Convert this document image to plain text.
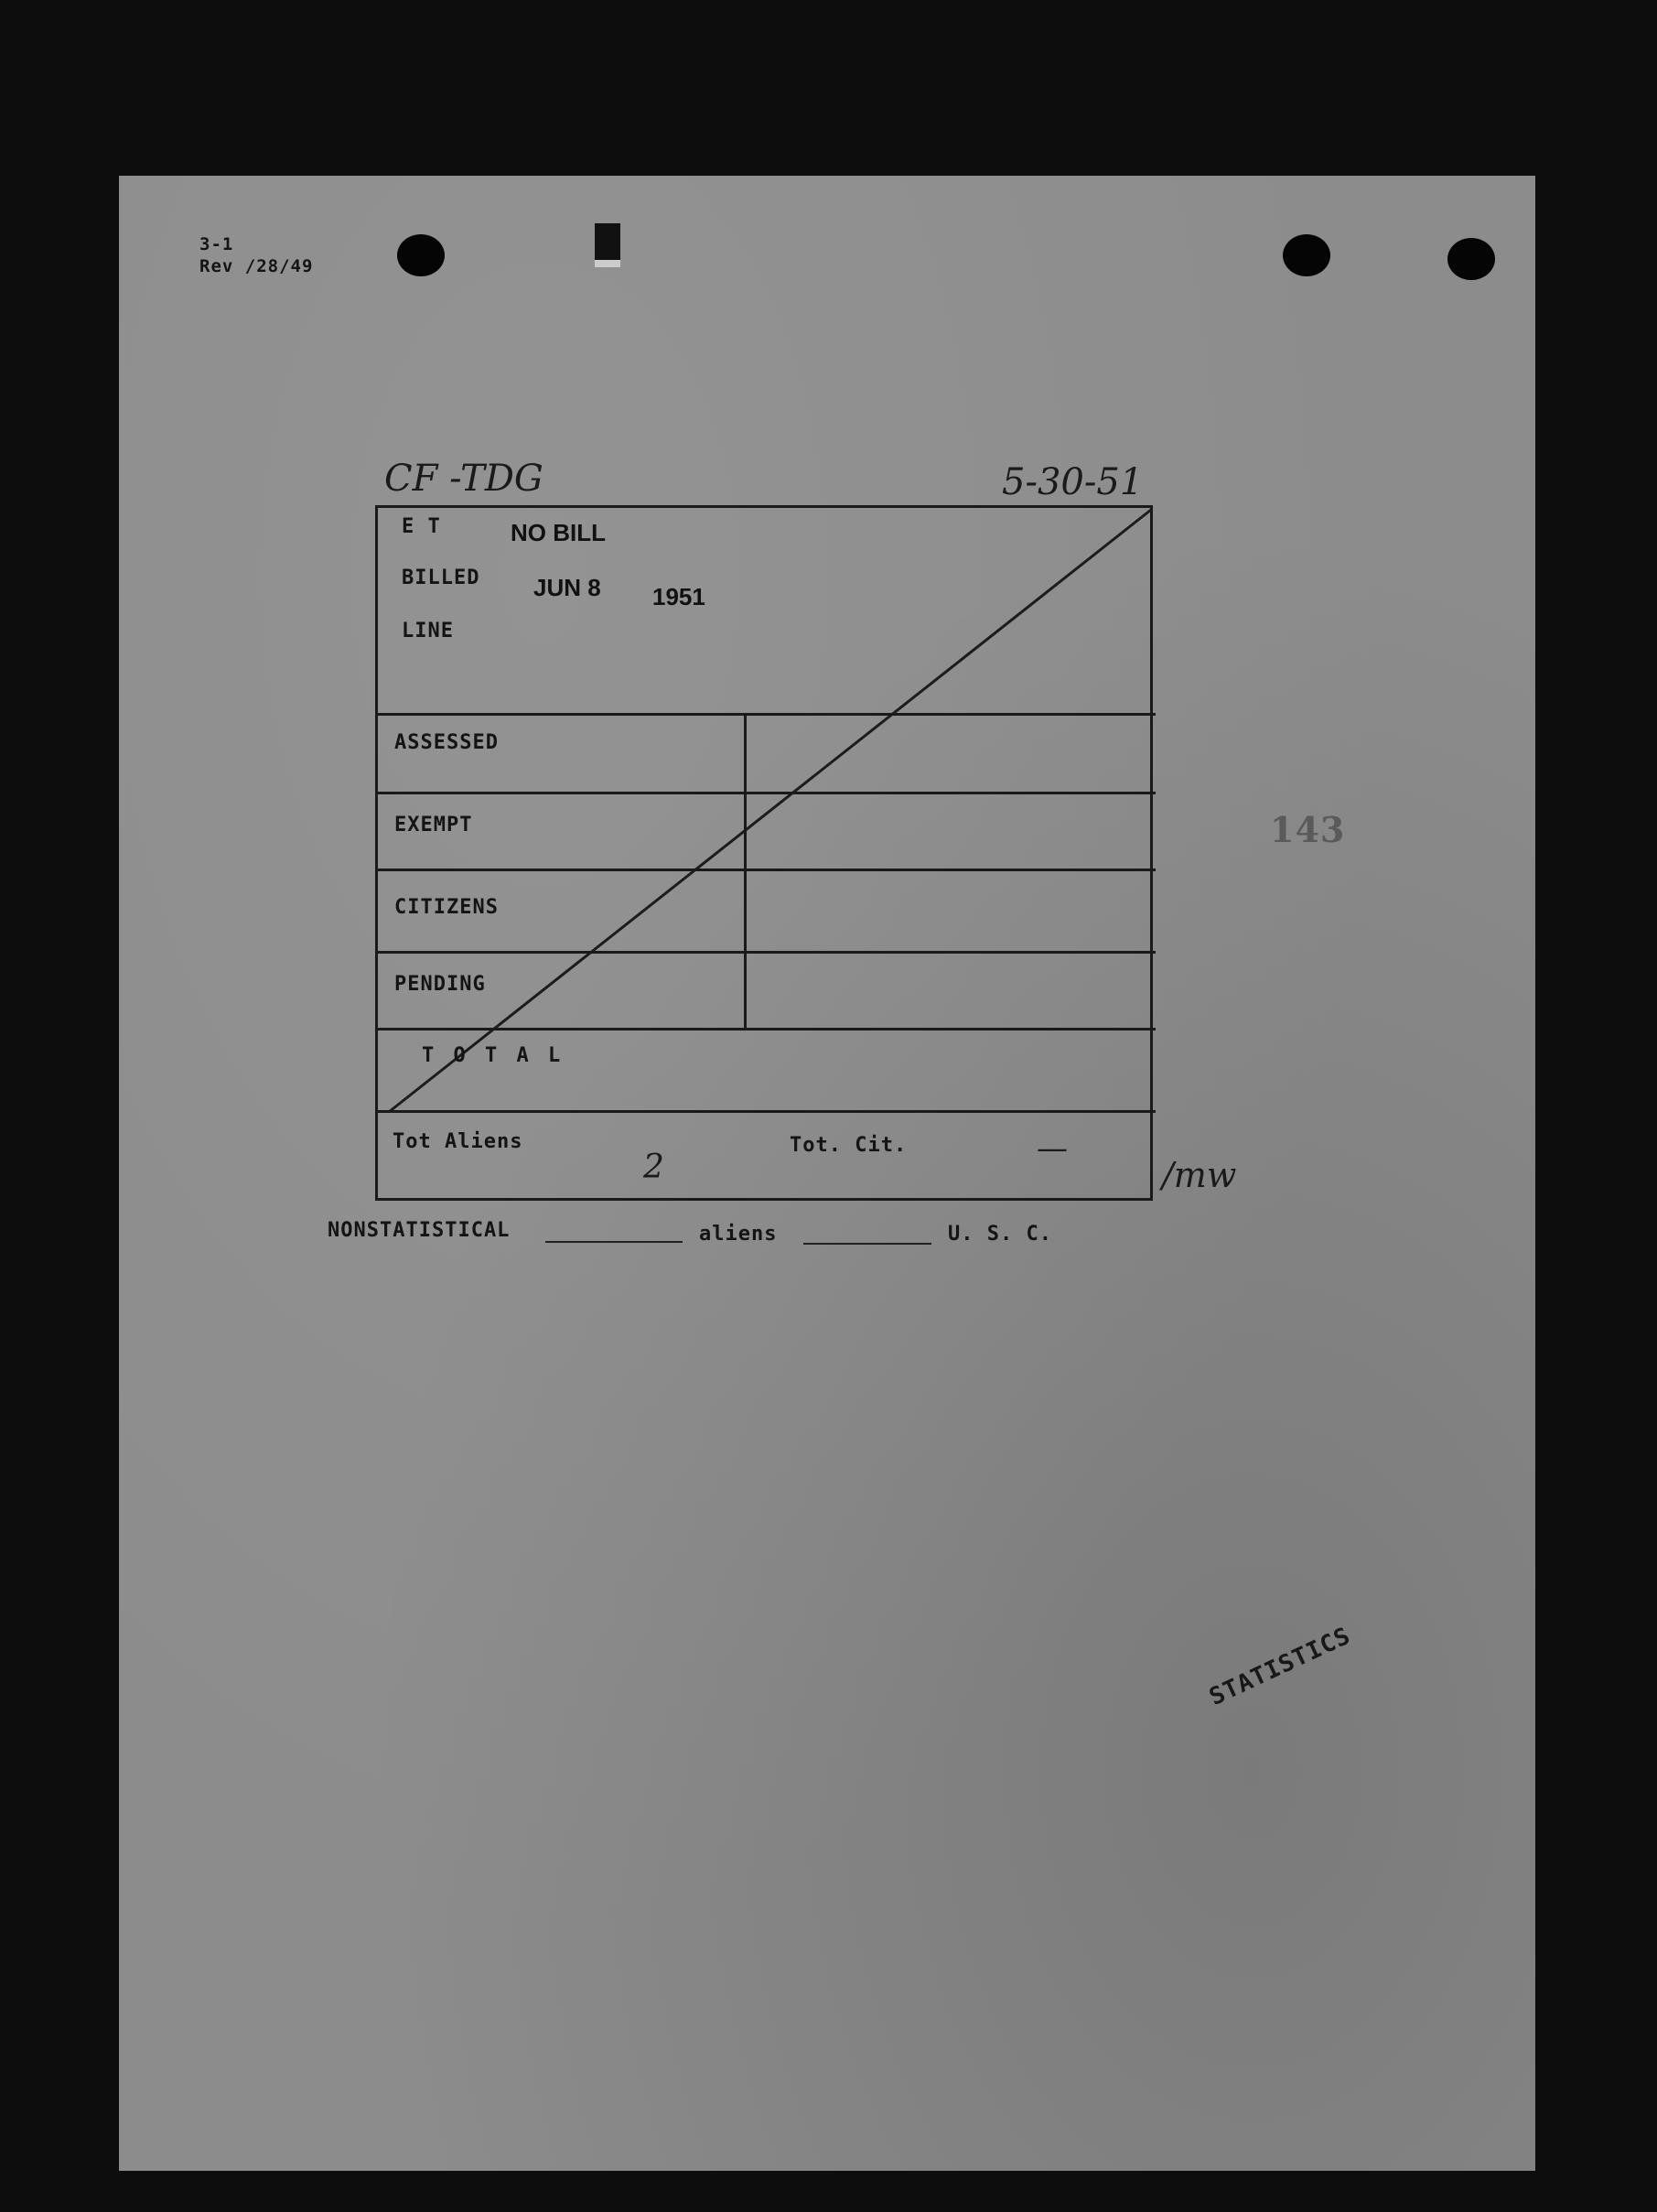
3-1
Rev /28/49
CF -TDG	5-30-51
E T	NO BILL
BILLED JUN 8 1951
LINE
ASSESSED
EXEMPT
CITIZENS
PENDING
T O T A L
Tot Aliens
2
Tot. Cit.	—
/mw
NONSTATISTICAL	aliens	U. S. C.
143
STATISTICS
